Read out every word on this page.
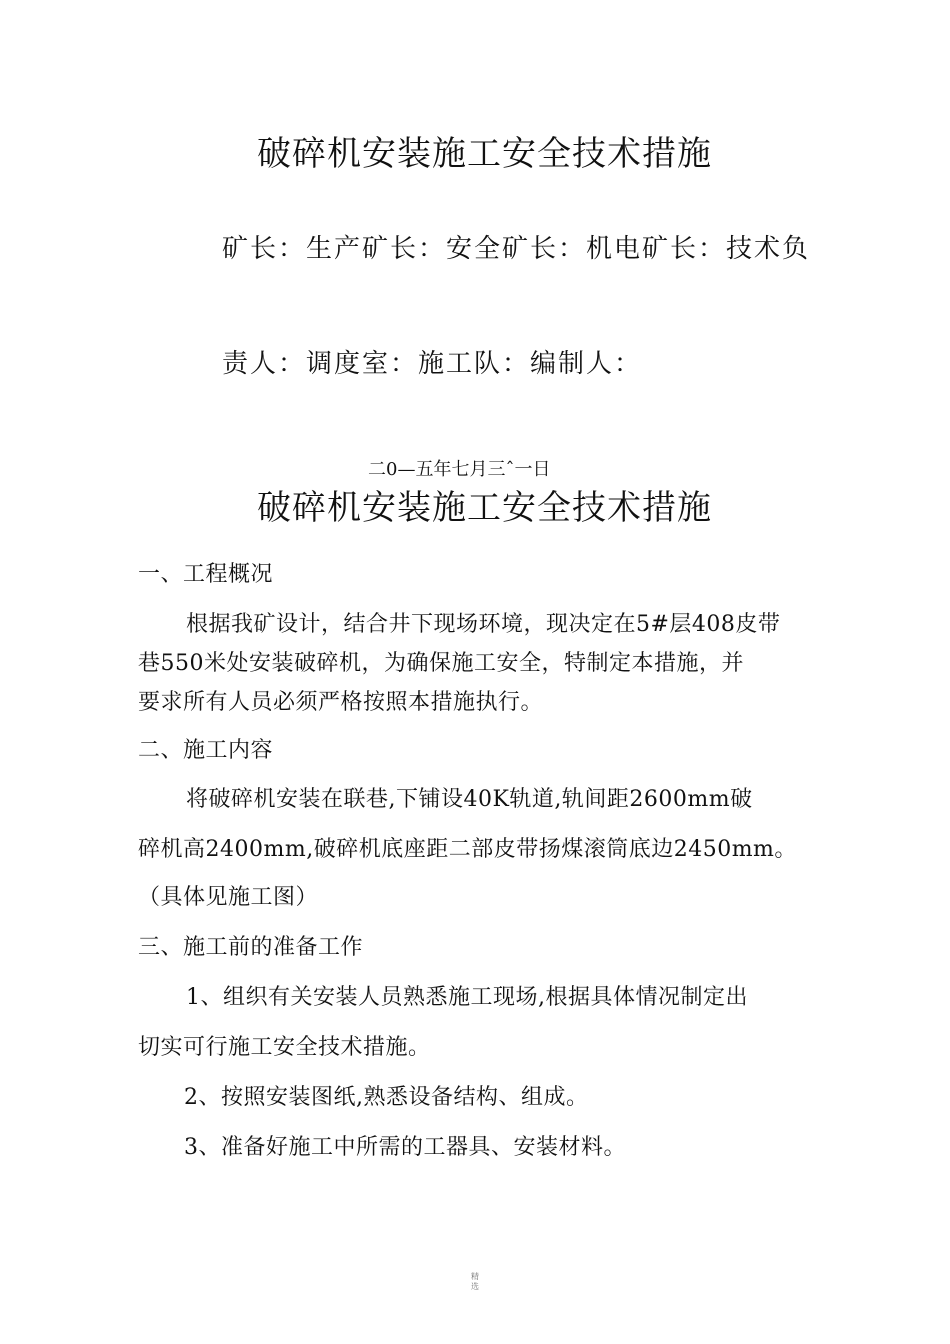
破碎机安装施工安全技术措施
矿长：生产矿长：安全矿长：机电矿长：技术负
责人：调度室：施工队：编制人：
二0—五年七月三ˆ一日
破碎机安装施工安全技术措施
一、工程概况
根据我矿设计，结合井下现场环境，现决定在5#层408皮带
巷550米处安装破碎机，为确保施工安全，特制定本措施，并
要求所有人员必须严格按照本措施执行。
二、施工内容
将破碎机安装在联巷,下铺设40K轨道,轨间距2600mm破
碎机高2400mm,破碎机底座距二部皮带扬煤滚筒底边2450mm。
（具体见施工图）
三、施工前的准备工作
1、组织有关安装人员熟悉施工现场,根据具体情况制定出
切实可行施工安全技术措施。
2、按照安装图纸,熟悉设备结构、组成。
3、准备好施工中所需的工器具、安装材料。
精
选
